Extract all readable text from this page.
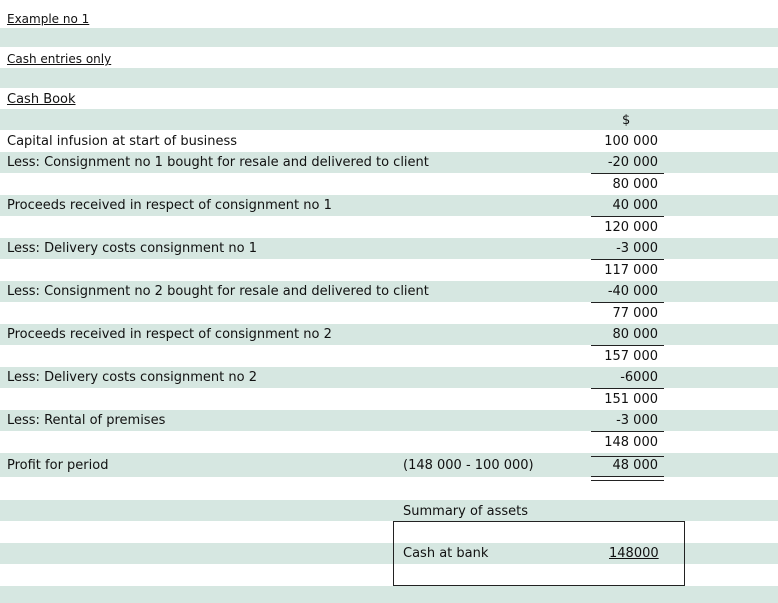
Example no 1
Cash entries only
Cash Book
$
Capital infusion at start of business	100 000
Less: Consignment no 1 bought for resale and delivered to client	-20 000
80 000
Proceeds received in respect of consignment no 1	40 000
120 000
Less: Delivery costs consignment no 1	-3 000
117 000
Less: Consignment no 2 bought for resale and delivered to client	-40 000
77 000
Proceeds received in respect of consignment no 2	80 000
157 000
Less: Delivery costs consignment no 2	-6000
151 000
Less: Rental of premises	-3 000
148 000
Profit for period	(148 000 - 100 000)	48 000
Summary of assets
Cash at bank	148000
